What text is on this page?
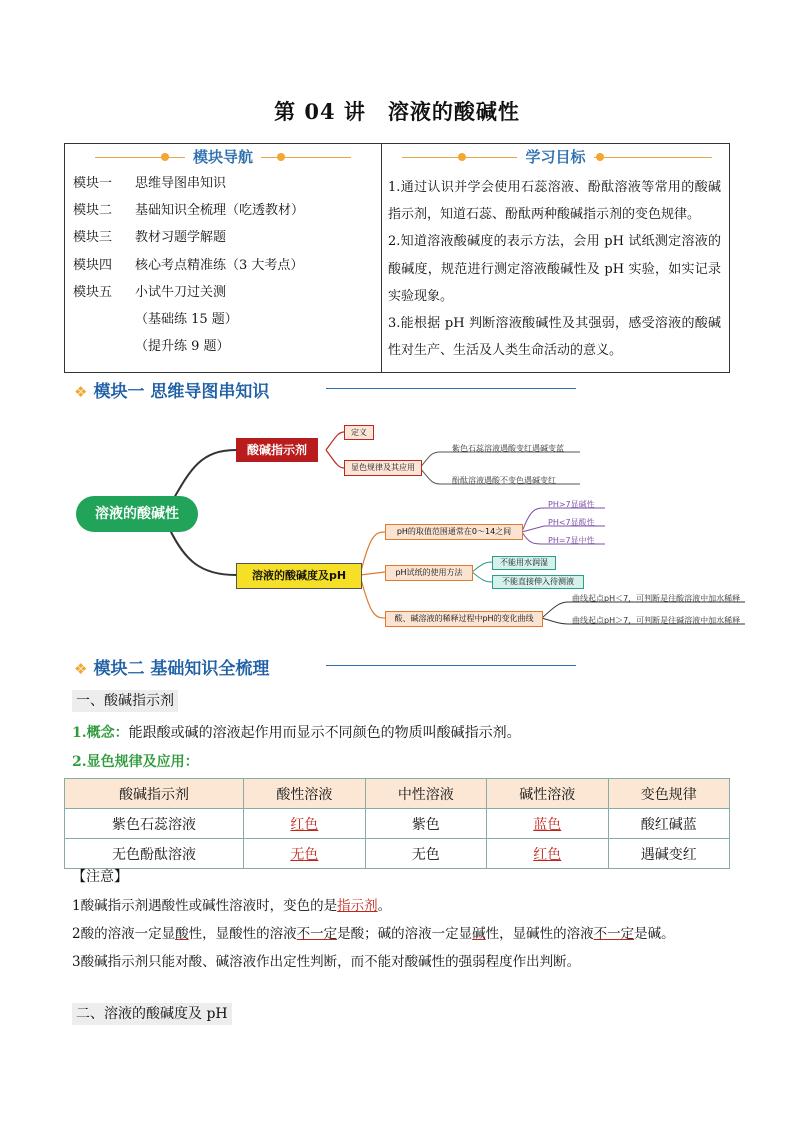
第 04 讲 溶液的酸碱性
模块导航
模块一	思维导图串知识
模块二	基础知识全梳理（吃透教材）
模块三	教材习题学解题
模块四	核心考点精准练（3 大考点）
模块五	小试牛刀过关测
（基础练 15 题）
（提升练 9 题）

学习目标
1.通过认识并学会使用石蕊溶液、酚酞溶液等常用的酸碱指示剂，知道石蕊、酚酞两种酸碱指示剂的变色规律。
2.知道溶液酸碱度的表示方法，会用 pH 试纸测定溶液的酸碱度，规范进行测定溶液酸碱性及 pH 实验，如实记录实验现象。
3.能根据 pH 判断溶液酸碱性及其强弱，感受溶液的酸碱性对生产、生活及人类生命活动的意义。
❖ 模块一 思维导图串知识
溶液的酸碱性
酸碱指示剂
定义
显色规律及其应用
紫色石蕊溶液遇酸变红遇碱变蓝
酚酞溶液遇酸不变色遇碱变红
溶液的酸碱度及pH
pH的取值范围通常在0～14之间
PH>7显碱性
PH<7显酸性
PH=7显中性
pH试纸的使用方法
不能用水润湿
不能直接伸入待测液
酸、碱溶液的稀释过程中pH的变化曲线
曲线起点pH＜7，可判断是往酸溶液中加水稀释
曲线起点pH＞7，可判断是往碱溶液中加水稀释
❖ 模块二 基础知识全梳理
一、酸碱指示剂
1.概念：能跟酸或碱的溶液起作用而显示不同颜色的物质叫酸碱指示剂。
2.显色规律及应用：
酸碱指示剂	酸性溶液	中性溶液	碱性溶液	变色规律
紫色石蕊溶液	红色	紫色	蓝色	酸红碱蓝
无色酚酞溶液	无色	无色	红色	遇碱变红
【注意】
1酸碱指示剂遇酸性或碱性溶液时，变色的是指示剂。
2酸的溶液一定显酸性，显酸性的溶液不一定是酸；碱的溶液一定显碱性，显碱性的溶液不一定是碱。
3酸碱指示剂只能对酸、碱溶液作出定性判断，而不能对酸碱性的强弱程度作出判断。
二、溶液的酸碱度及 pH
